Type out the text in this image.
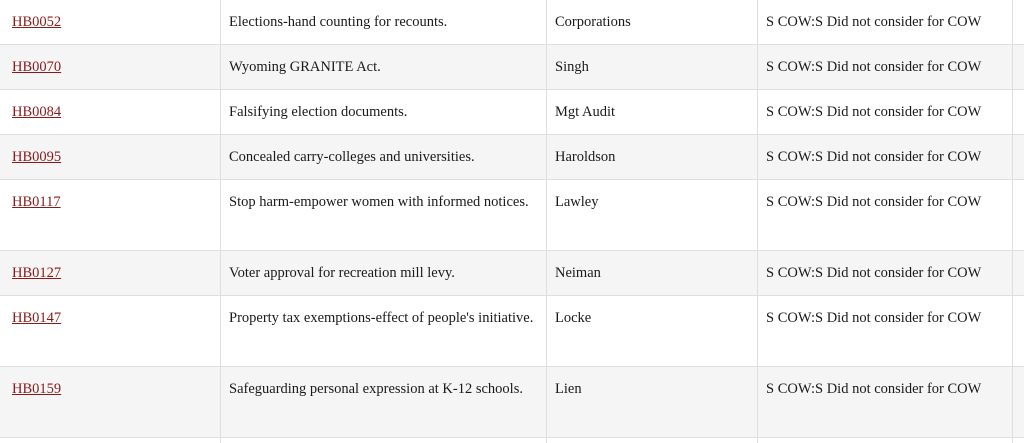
HB0052	Elections-hand counting for recounts.	Corporations	S COW:S Did not consider for COW	
HB0070	Wyoming GRANITE Act.	Singh	S COW:S Did not consider for COW	
HB0084	Falsifying election documents.	Mgt Audit	S COW:S Did not consider for COW	
HB0095	Concealed carry-colleges and universities.	Haroldson	S COW:S Did not consider for COW	
HB0117	Stop harm-empower women with informed notices.	Lawley	S COW:S Did not consider for COW	
HB0127	Voter approval for recreation mill levy.	Neiman	S COW:S Did not consider for COW	
HB0147	Property tax exemptions-effect of people's initiative.	Locke	S COW:S Did not consider for COW	
HB0159	Safeguarding personal expression at K-12 schools.	Lien	S COW:S Did not consider for COW	
